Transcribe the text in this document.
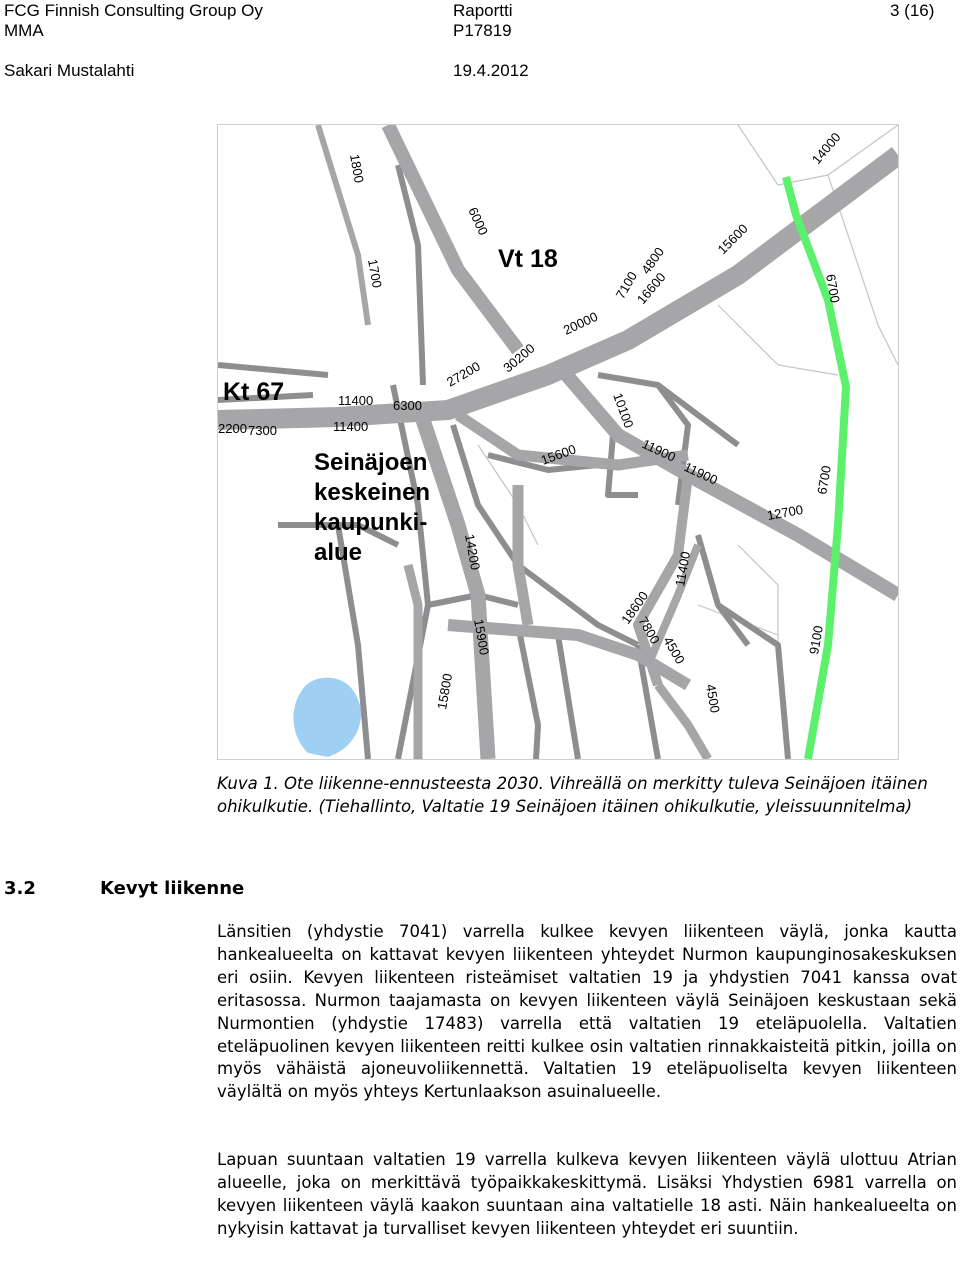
FCG Finnish Consulting Group Oy	Raportti	3 (16)
MMA	P17819
Sakari Mustalahti	19.4.2012
Vt 18
Kt 67
Seinäjoen
keskeinen
kaupunki-
alue
1800
1700
6000
4800
15600
14000
7100
16600
20000
30200
27200
11400 6300
11400
2200 7300
6700
10100
15600	11900
11900	6700
12700
14200	11400
18600
7800
4500
15900
15800
9100
4500
Kuva 1. Ote liikenne-ennusteesta 2030. Vihreällä on merkitty tuleva Seinäjoen itäinen ohikulkutie. (Tiehallinto, Valtatie 19 Seinäjoen itäinen ohikulkutie, yleissuunnitelma)
3.2	Kevyt liikenne
Länsitien (yhdystie 7041) varrella kulkee kevyen liikenteen väylä, jonka kautta hankealueelta on kattavat kevyen liikenteen yhteydet Nurmon kaupunginosakeskuksen eri osiin. Kevyen liikenteen risteämiset valtatien 19 ja yhdystien 7041 kanssa ovat eritasossa. Nurmon taajamasta on kevyen liikenteen väylä Seinäjoen keskustaan sekä Nurmontien (yhdystie 17483) varrella että valtatien 19 eteläpuolella. Valtatien eteläpuolinen kevyen liikenteen reitti kulkee osin valtatien rinnakkaisteitä pitkin, joilla on myös vähäistä ajoneuvoliikennettä. Valtatien 19 eteläpuoliselta kevyen liikenteen väylältä on myös yhteys Kertunlaakson asuinalueelle.
Lapuan suuntaan valtatien 19 varrella kulkeva kevyen liikenteen väylä ulottuu Atrian alueelle, joka on merkittävä työpaikkakeskittymä. Lisäksi Yhdystien 6981 varrella on kevyen liikenteen väylä kaakon suuntaan aina valtatielle 18 asti. Näin hankealueelta on nykyisin kattavat ja turvalliset kevyen liikenteen yhteydet eri suuntiin.
